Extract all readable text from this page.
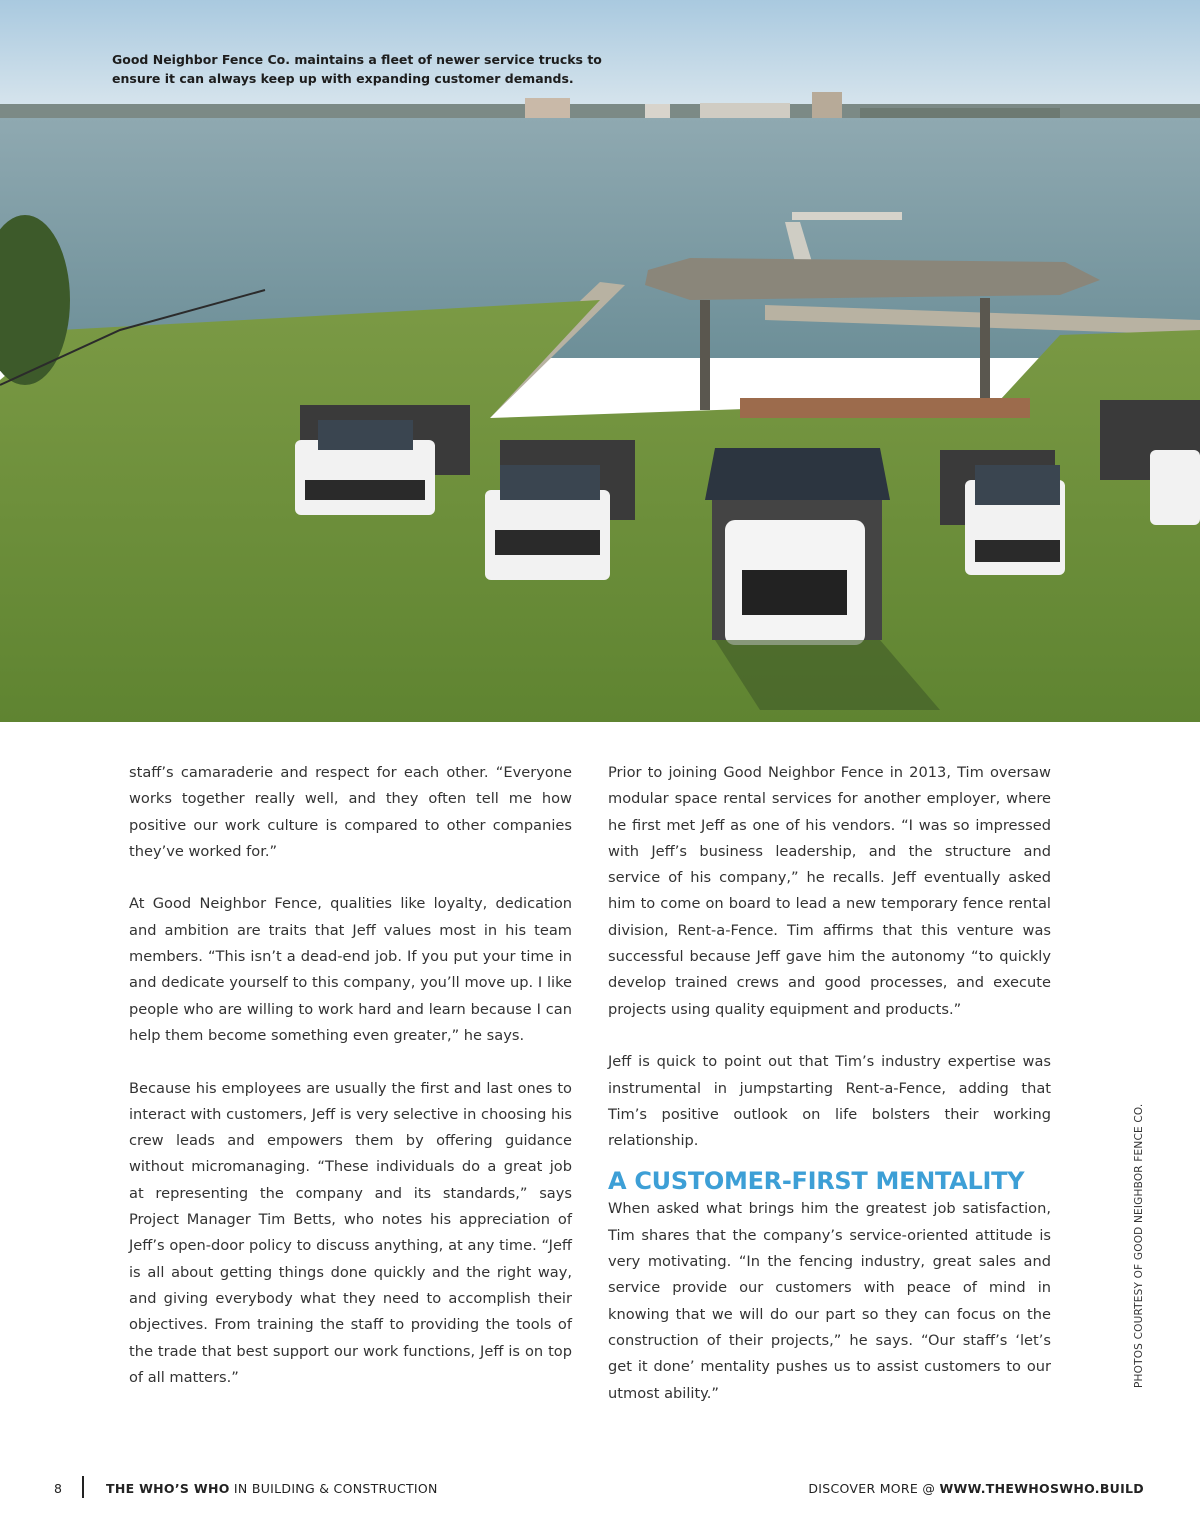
Good Neighbor Fence Co. maintains a fleet of newer service trucks to ensure it can always keep up with expanding customer demands.

staff’s camaraderie and respect for each other. “Everyone works together really well, and they often tell me how positive our work culture is compared to other companies they’ve worked for.”

At Good Neighbor Fence, qualities like loyalty, dedication and ambition are traits that Jeff values most in his team members. “This isn’t a dead-end job. If you put your time in and dedicate yourself to this company, you’ll move up. I like people who are willing to work hard and learn because I can help them become something even greater,” he says.

Because his employees are usually the first and last ones to interact with customers, Jeff is very selective in choosing his crew leads and empowers them by offering guidance without micromanaging. “These individuals do a great job at representing the company and its standards,” says Project Manager Tim Betts, who notes his appreciation of Jeff’s open-door policy to discuss anything, at any time. “Jeff is all about getting things done quickly and the right way, and giving everybody what they need to accomplish their objectives. From training the staff to providing the tools of the trade that best support our work functions, Jeff is on top of all matters.”

Prior to joining Good Neighbor Fence in 2013, Tim oversaw modular space rental services for another employer, where he first met Jeff as one of his vendors. “I was so impressed with Jeff’s business leadership, and the structure and service of his company,” he recalls. Jeff eventually asked him to come on board to lead a new temporary fence rental division, Rent-a-Fence. Tim affirms that this venture was successful because Jeff gave him the autonomy “to quickly develop trained crews and good processes, and execute projects using quality equipment and products.”

Jeff is quick to point out that Tim’s industry expertise was instrumental in jumpstarting Rent-a-Fence, adding that Tim’s positive outlook on life bolsters their working relationship.

A CUSTOMER-FIRST MENTALITY

When asked what brings him the greatest job satisfaction, Tim shares that the company’s service-oriented attitude is very motivating. “In the fencing industry, great sales and service provide our customers with peace of mind in knowing that we will do our part so they can focus on the construction of their projects,” he says. “Our staff’s ‘let’s get it done’ mentality pushes us to assist customers to our utmost ability.”

PHOTOS COURTESY OF GOOD NEIGHBOR FENCE CO.
8	THE WHO’S WHO IN BUILDING & CONSTRUCTION	DISCOVER MORE @ WWW.THEWHOSWHO.BUILD
